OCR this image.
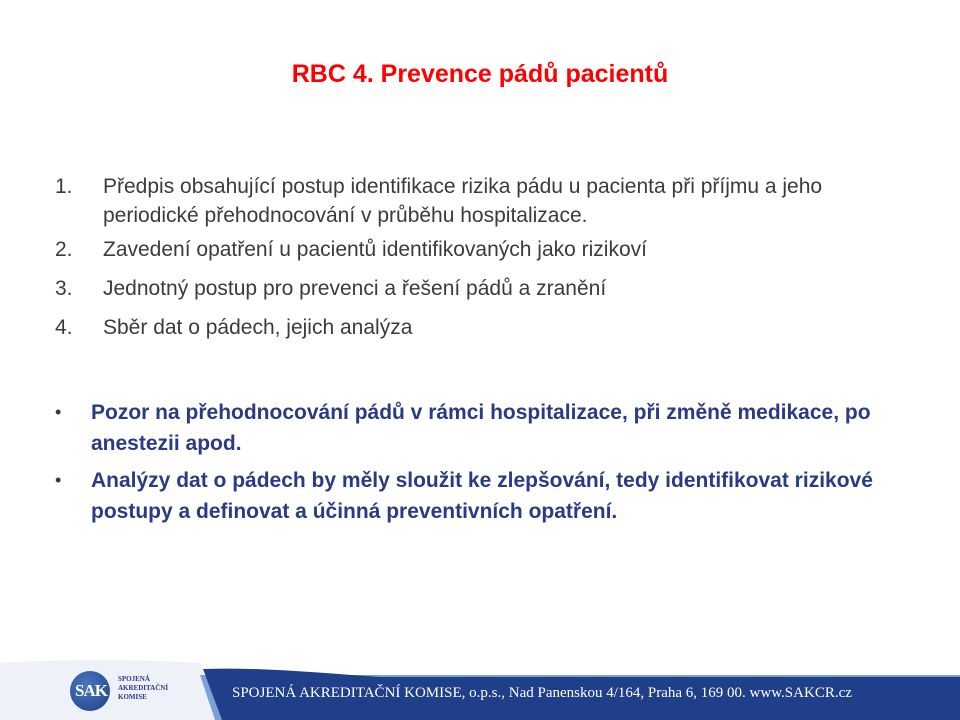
RBC 4. Prevence pádů pacientů
1.	Předpis obsahující postup identifikace rizika pádu u pacienta při příjmu a jeho periodické přehodnocování v průběhu hospitalizace.
2.	Zavedení opatření u pacientů identifikovaných jako rizikoví
3.	Jednotný postup pro prevenci a řešení pádů a zranění
4.	Sběr dat o pádech, jejich analýza
•	Pozor na přehodnocování pádů v rámci hospitalizace, při změně medikace, po anestezii apod.
•	Analýzy dat o pádech by měly sloužit ke zlepšování, tedy identifikovat rizikové postupy a definovat a účinná preventivních opatření.
SAK
SPOJENÁ
AKREDITAČNÍ
KOMISE	SPOJENÁ AKREDITAČNÍ KOMISE, o.p.s., Nad Panenskou 4/164, Praha 6, 169 00. www.SAKCR.cz
